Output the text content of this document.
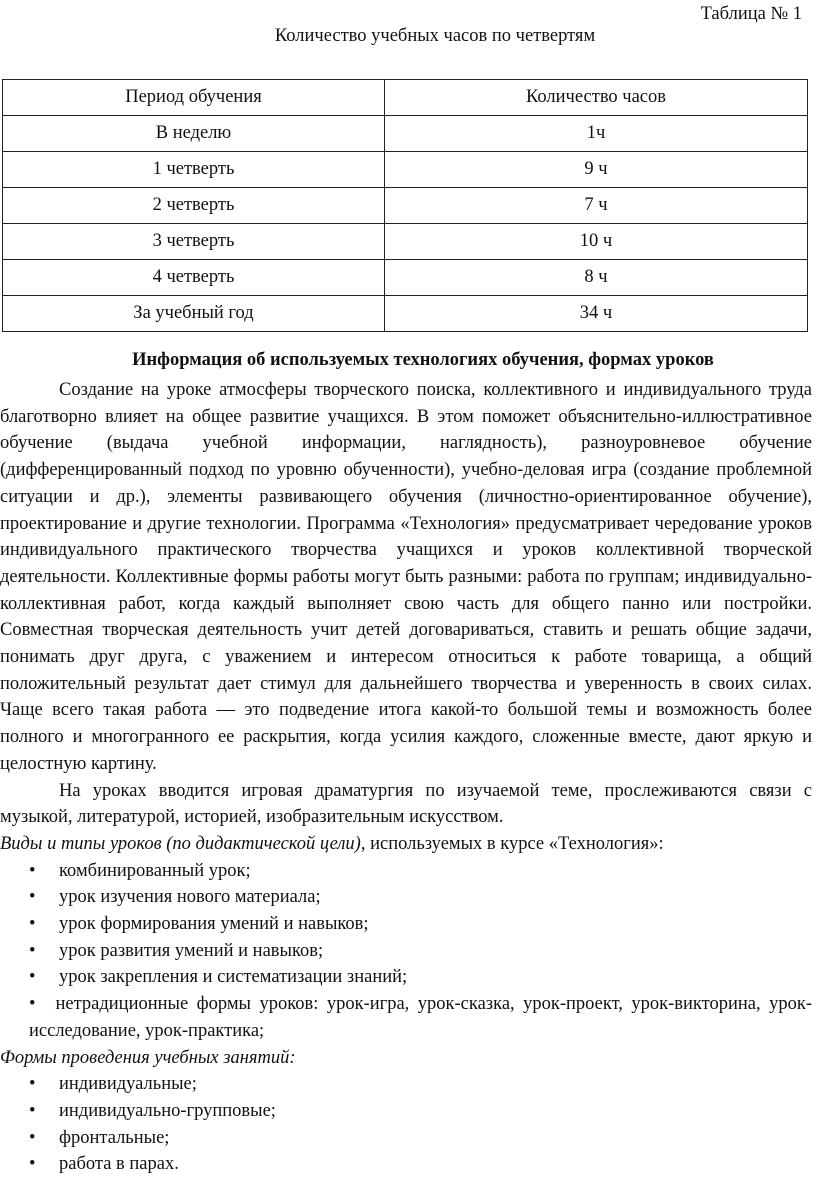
Таблица № 1
Количество учебных часов по четвертям
Период обучения	Количество часов
В неделю	1ч
1 четверть	9 ч
2 четверть	7 ч
3 четверть	10 ч
4 четверть	8 ч
За учебный год	34 ч
Информация об используемых технологиях обучения, формах уроков

Создание на уроке атмосферы творческого поиска, коллективного и индивидуального труда благотворно влияет на общее развитие учащихся. В этом поможет объяснительно-иллюстративное обучение (выдача учебной информации, наглядность), разноуровневое обучение (дифференцированный подход по уровню обученности), учебно-деловая игра (создание проблемной ситуации и др.), элементы развивающего обучения (личностно-ориентированное обучение), проектирование и другие технологии. Программа «Технология» предусматривает чередование уроков индивидуального практического творчества учащихся и уроков коллективной творческой деятельности. Коллективные формы работы могут быть разными: работа по группам; индивидуально-коллективная работ, когда каждый выполняет свою часть для общего панно или постройки. Совместная творческая деятельность учит детей договариваться, ставить и решать общие задачи, понимать друг друга, с уважением и интересом относиться к работе товарища, а общий положительный результат дает стимул для дальнейшего творчества и уверенность в своих силах. Чаще всего такая работа — это подведение итога какой-то большой темы и возможность более полного и многогранного ее раскрытия, когда усилия каждого, сложенные вместе, дают яркую и целостную картину.

На уроках вводится игровая драматургия по изучаемой теме, прослеживаются связи с музыкой, литературой, историей, изобразительным искусством.

Виды и типы уроков (по дидактической цели), используемых в курсе «Технология»:

• комбинированный урок;
• урок изучения нового материала;
• урок формирования умений и навыков;
• урок развития умений и навыков;
• урок закрепления и систематизации знаний;
• нетрадиционные формы уроков: урок-игра, урок-сказка, урок-проект, урок-викторина, урок-исследование, урок-практика;

Формы проведения учебных занятий:

• индивидуальные;
• индивидуально-групповые;
• фронтальные;
• работа в парах.
